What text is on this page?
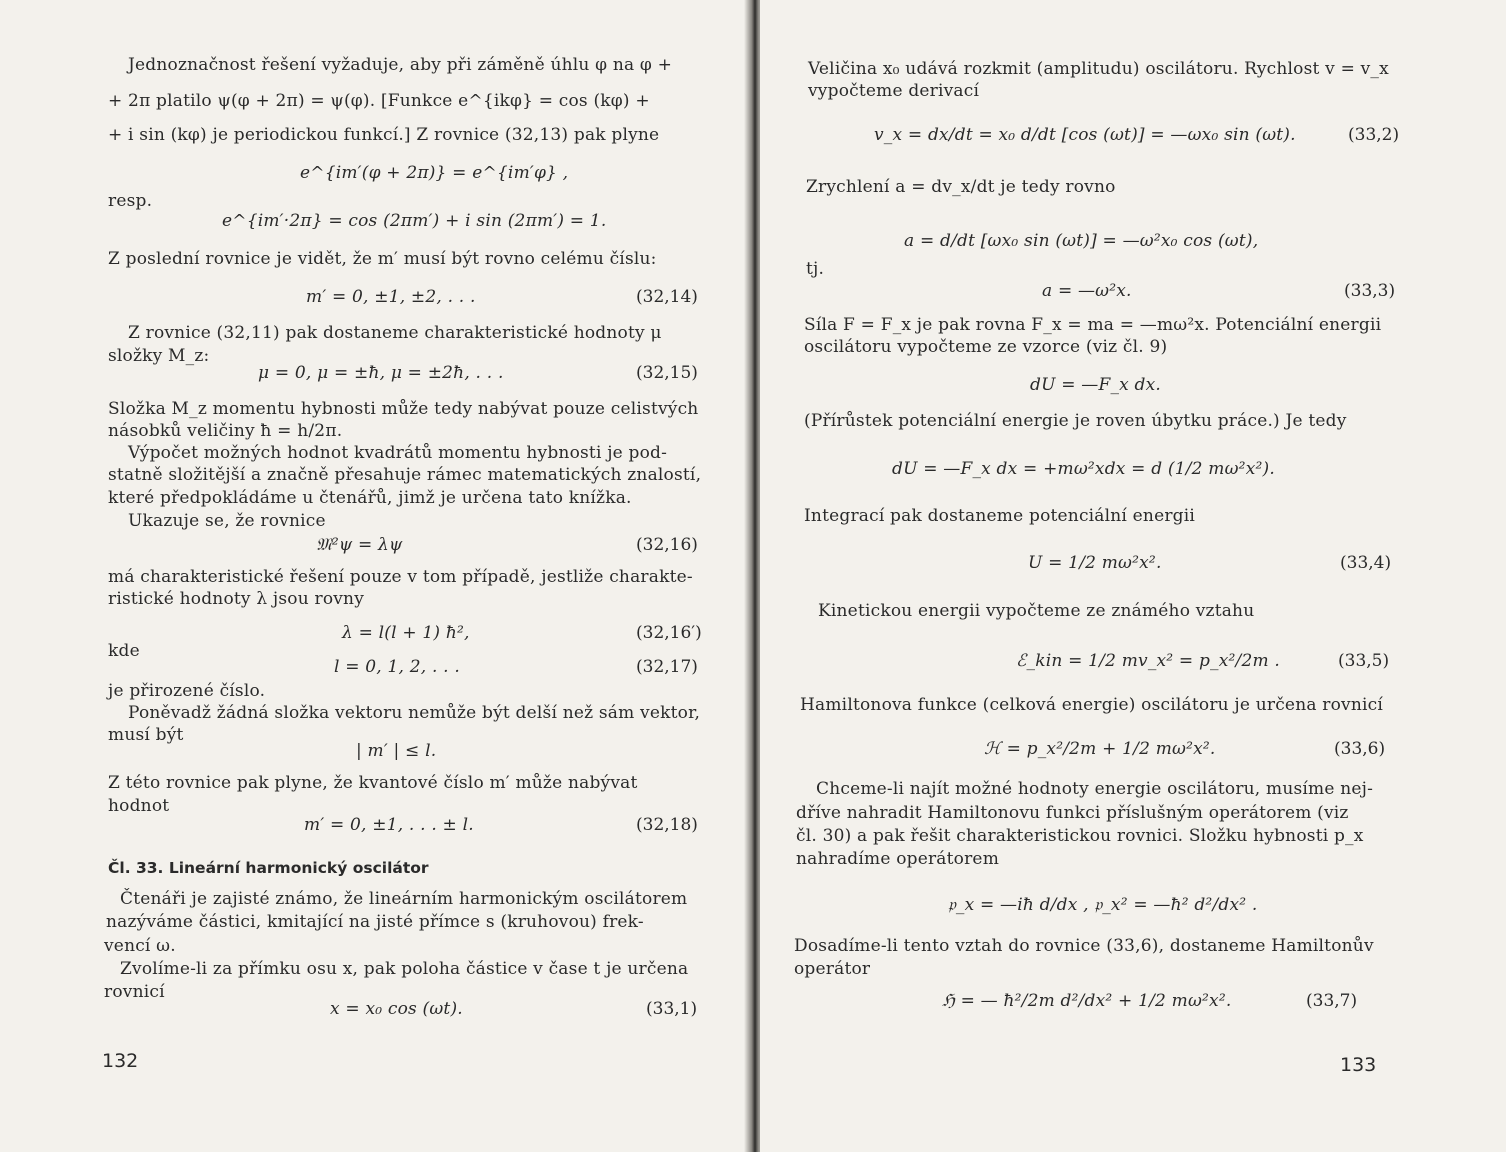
Jednoznačnost řešení vyžaduje, aby při záměně úhlu φ na φ +
+ 2π platilo ψ(φ + 2π) = ψ(φ). [Funkce e^{ikφ} = cos (kφ) +
+ i sin (kφ) je periodickou funkcí.] Z rovnice (32,13) pak plyne
e^{im′(φ + 2π)} = e^{im′φ} ,
resp.
e^{im′·2π} = cos (2πm′) + i sin (2πm′) = 1.
Z poslední rovnice je vidět, že m′ musí být rovno celému číslu:
m′ = 0, ±1, ±2, . . .	(32,14)
Z rovnice (32,11) pak dostaneme charakteristické hodnoty μ
složky M_z:
μ = 0, μ = ±ħ, μ = ±2ħ, . . .	(32,15)
Složka M_z momentu hybnosti může tedy nabývat pouze celistvých
násobků veličiny ħ = h/2π.
Výpočet možných hodnot kvadrátů momentu hybnosti je pod-
statně složitější a značně přesahuje rámec matematických znalostí,
které předpokládáme u čtenářů, jimž je určena tato knížka.
Ukazuje se, že rovnice
𝔐²ψ = λψ	(32,16)
má charakteristické řešení pouze v tom případě, jestliže charakte-
ristické hodnoty λ jsou rovny
λ = l(l + 1) ħ²,	(32,16′)
kde
l = 0, 1, 2, . . .	(32,17)
je přirozené číslo.
Poněvadž žádná složka vektoru nemůže být delší než sám vektor,
musí být
| m′ | ≤ l.
Z této rovnice pak plyne, že kvantové číslo m′ může nabývat
hodnot
m′ = 0, ±1, . . . ± l.	(32,18)
Čl. 33. Lineární harmonický oscilátor
Čtenáři je zajisté známo, že lineárním harmonickým oscilátorem
nazýváme částici, kmitající na jisté přímce s (kruhovou) frek-
vencí ω.
Zvolíme-li za přímku osu x, pak poloha částice v čase t je určena
rovnicí
x = x₀ cos (ωt).	(33,1)
132
Veličina x₀ udává rozkmit (amplitudu) oscilátoru. Rychlost v = v_x
vypočteme derivací
v_x = dx/dt = x₀ d/dt [cos (ωt)] = —ωx₀ sin (ωt).	(33,2)
Zrychlení a = dv_x/dt je tedy rovno
a = d/dt [ωx₀ sin (ωt)] = —ω²x₀ cos (ωt),
tj.
a = —ω²x.	(33,3)
Síla F = F_x je pak rovna F_x = ma = —mω²x. Potenciální energii
oscilátoru vypočteme ze vzorce (viz čl. 9)
dU = —F_x dx.
(Přírůstek potenciální energie je roven úbytku práce.) Je tedy
dU = —F_x dx = +mω²xdx = d (1/2 mω²x²).
Integrací pak dostaneme potenciální energii
U = 1/2 mω²x².	(33,4)
Kinetickou energii vypočteme ze známého vztahu
ℰ_kin = 1/2 mv_x² = p_x²/2m .	(33,5)
Hamiltonova funkce (celková energie) oscilátoru je určena rovnicí
ℋ = p_x²/2m + 1/2 mω²x².	(33,6)
Chceme-li najít možné hodnoty energie oscilátoru, musíme nej-
dříve nahradit Hamiltonovu funkci příslušným operátorem (viz
čl. 30) a pak řešit charakteristickou rovnici. Složku hybnosti p_x
nahradíme operátorem
𝔭_x = —iħ d/dx , 𝔭_x² = —ħ² d²/dx² .
Dosadíme-li tento vztah do rovnice (33,6), dostaneme Hamiltonův
operátor
ℌ = — ħ²/2m d²/dx² + 1/2 mω²x².	(33,7)
133
